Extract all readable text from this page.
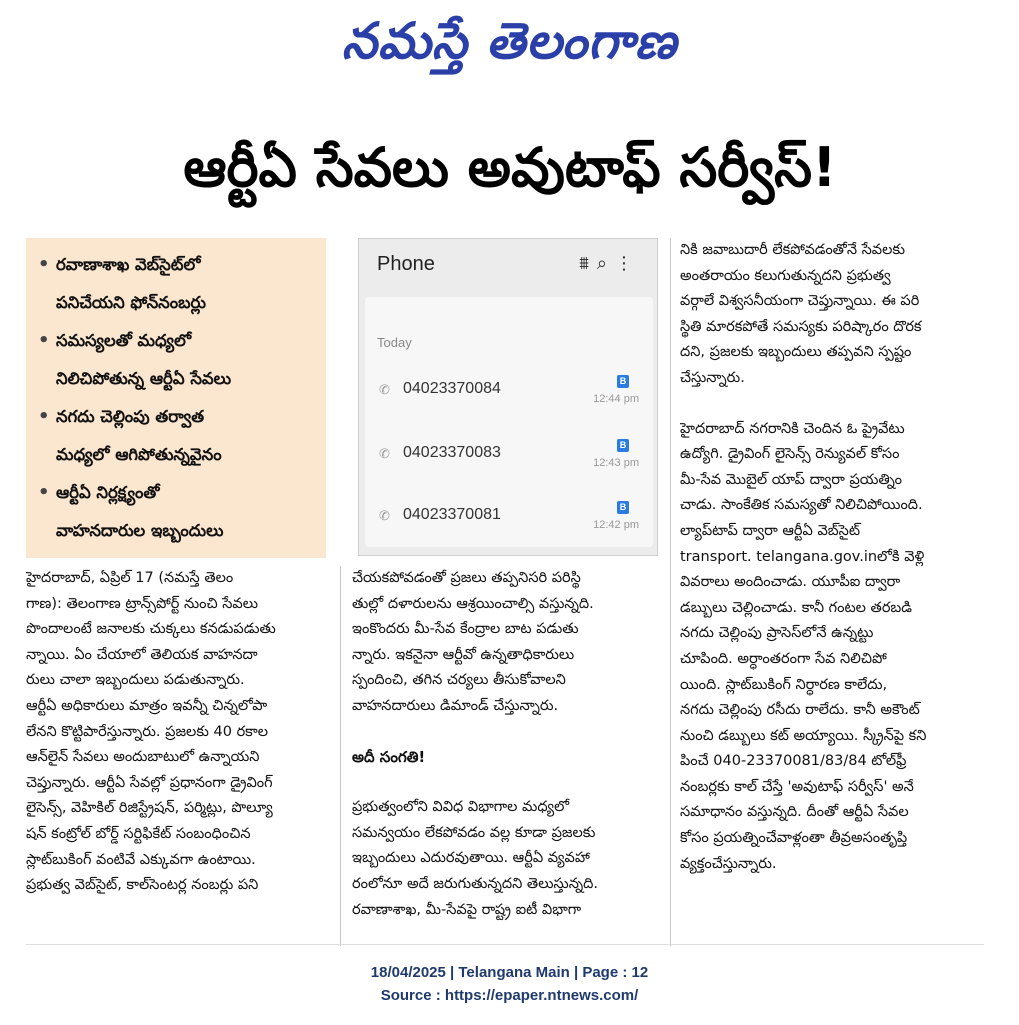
నమస్తే తెలంగాణ
ఆర్టీఏ సేవలు అవుటాఫ్ సర్వీస్!
• రవాణాశాఖ వెబ్‌సైట్‌లో
పనిచేయని ఫోన్‌నంబర్లు
• సమస్యలతో మధ్యలో
నిలిచిపోతున్న ఆర్టీఏ సేవలు
• నగదు చెల్లింపు తర్వాత
మధ్యలో ఆగిపోతున్నవైనం
• ఆర్టీఏ నిర్లక్ష్యంతో
వాహనదారుల ఇబ్బందులు
Phone	⩩⌕⋮
Today
✆ 04023370084	B
12:44 pm
✆ 04023370083	B
12:43 pm
✆ 04023370081	B
12:42 pm

హైదరాబాద్, ఏప్రిల్ 17 (నమస్తే తెలం

గాణ): తెలంగాణ ట్రాన్స్‌పోర్ట్ నుంచి సేవలు

పొందాలంటే జనాలకు చుక్కలు కనడుపడుతు

న్నాయి. ఏం చేయాలో తెలియక వాహనదా

రులు చాలా ఇబ్బందులు పడుతున్నారు.

ఆర్టీఏ అధికారులు మాత్రం ఇవన్నీ చిన్నలోపా

లేనని కొట్టిపారేస్తున్నారు. ప్రజలకు 40 రకాల

ఆన్‌లైన్ సేవలు అందుబాటులో ఉన్నాయని

చెప్తున్నారు. ఆర్టీఏ సేవల్లో ప్రధానంగా డ్రైవింగ్

లైసెన్స్, వెహికిల్ రిజిస్ట్రేషన్, పర్మిట్లు, పొల్యూ

షన్ కంట్రోల్ బోర్డ్ సర్టిఫికేట్ సంబంధించిన

స్లాట్‌బుకింగ్ వంటివే ఎక్కువగా ఉంటాయి.

ప్రభుత్వ వెబ్‌సైట్, కాల్‌సెంటర్ల నంబర్లు పని

చేయకపోవడంతో ప్రజలు తప్పనిసరి పరిస్థి

తుల్లో దళారులను ఆశ్రయించాల్సి వస్తున్నది.

ఇంకొందరు మీ-సేవ కేంద్రాల బాట పడుతు

న్నారు. ఇకనైనా ఆర్టీవో ఉన్నతాధికారులు

స్పందించి, తగిన చర్యలు తీసుకోవాలని

వాహనదారులు డిమాండ్ చేస్తున్నారు.

అదీ సంగతి!

ప్రభుత్వంలోని వివిధ విభాగాల మధ్యలో

సమన్వయం లేకపోవడం వల్ల కూడా ప్రజలకు

ఇబ్బందులు ఎదురవుతాయి. ఆర్టీఏ వ్యవహా

రంలోనూ అదే జరుగుతున్నదని తెలుస్తున్నది.

రవాణాశాఖ, మీ-సేవపై రాష్ట్ర ఐటీ విభాగా

నికి జవాబుదారీ లేకపోవడంతోనే సేవలకు

అంతరాయం కలుగుతున్నదని ప్రభుత్వ

వర్గాలే విశ్వసనీయంగా చెప్తున్నాయి. ఈ పరి

స్థితి మారకపోతే సమస్యకు పరిష్కారం దొరక

దని, ప్రజలకు ఇబ్బందులు తప్పవని స్పష్టం

చేస్తున్నారు.

హైదరాబాద్ నగరానికి చెందిన ఓ ప్రైవేటు

ఉద్యోగి. డ్రైవింగ్ లైసెన్స్ రెన్యువల్ కోసం

మీ-సేవ మొబైల్ యాప్ ద్వారా ప్రయత్నిం

చాడు. సాంకేతిక సమస్యతో నిలిచిపోయింది.

ల్యాప్‌టాప్ ద్వారా ఆర్టీఏ వెబ్‌సైట్

transport. telangana.gov.inలోకి వెళ్లి

వివరాలు అందించాడు. యూపీఐ ద్వారా

డబ్బులు చెల్లించాడు. కానీ గంటల తరబడి

నగదు చెల్లింపు ప్రాసెస్‌లోనే ఉన్నట్టు

చూపింది. అర్ధాంతరంగా సేవ నిలిచిపో

యింది. స్లాట్‌బుకింగ్ నిర్ధారణ కాలేదు,

నగదు చెల్లింపు రసీదు రాలేదు. కానీ అకౌంట్

నుంచి డబ్బులు కట్ అయ్యాయి. స్క్రీన్‌పై కని

పించే 040-23370081/83/84 టోల్‌ఫ్రీ

నంబర్లకు కాల్ చేస్తే 'అవుటాఫ్ సర్వీస్' అనే

సమాధానం వస్తున్నది. దీంతో ఆర్టీఏ సేవల

కోసం ప్రయత్నించేవాళ్లంతా తీవ్రఅసంతృప్తి

వ్యక్తంచేస్తున్నారు.

18/04/2025 | Telangana Main | Page : 12
Source : https://epaper.ntnews.com/
